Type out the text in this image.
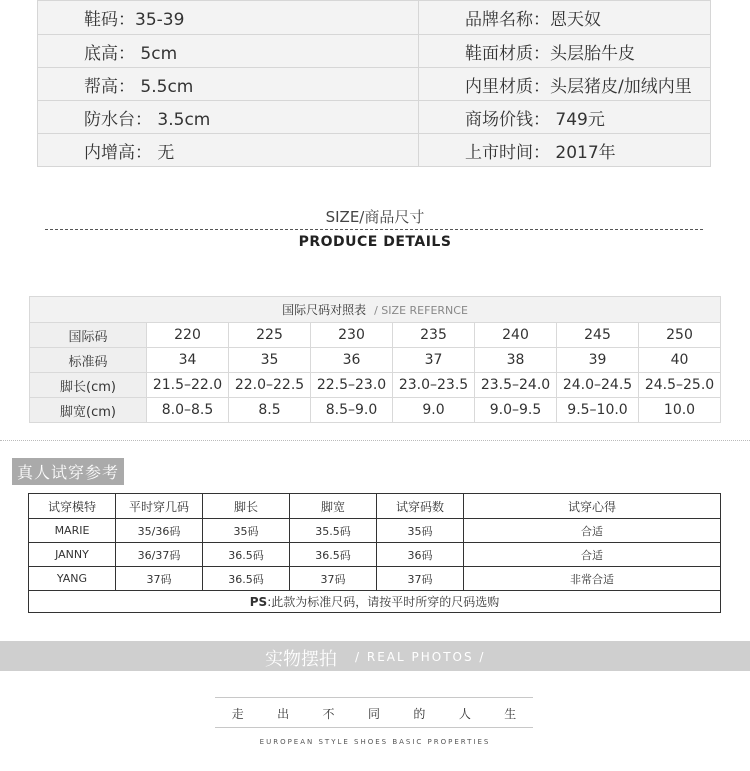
鞋码：35-39	品牌名称：恩天奴
底高： 5cm	鞋面材质：头层胎牛皮
帮高： 5.5cm	内里材质：头层猪皮/加绒内里
防水台： 3.5cm	商场价钱： 749元
内增高： 无	上市时间： 2017年
SIZE/商品尺寸
PRODUCE DETAILS
国际尺码对照表 / SIZE REFERNCE							
国际码	220	225	230	235	240	245	250
标准码	34	35	36	37	38	39	40
脚长(cm)	21.5–22.0	22.0–22.5	22.5–23.0	23.0–23.5	23.5–24.0	24.0–24.5	24.5–25.0
脚宽(cm)	8.0–8.5	8.5	8.5–9.0	9.0	9.0–9.5	9.5–10.0	10.0
真人试穿参考
试穿模特	平时穿几码	脚长	脚宽	试穿码数	试穿心得
MARIE	35/36码	35码	35.5码	35码	合适
JANNY	36/37码	36.5码	36.5码	36码	合适
YANG	37码	36.5码	37码	37码	非常合适
PS:此款为标准尺码，请按平时所穿的尺码选购					
实物摆拍 / REAL PHOTOS /
走	出	不	同	的	人	生
EUROPEAN STYLE SHOES BASIC PROPERTIES
